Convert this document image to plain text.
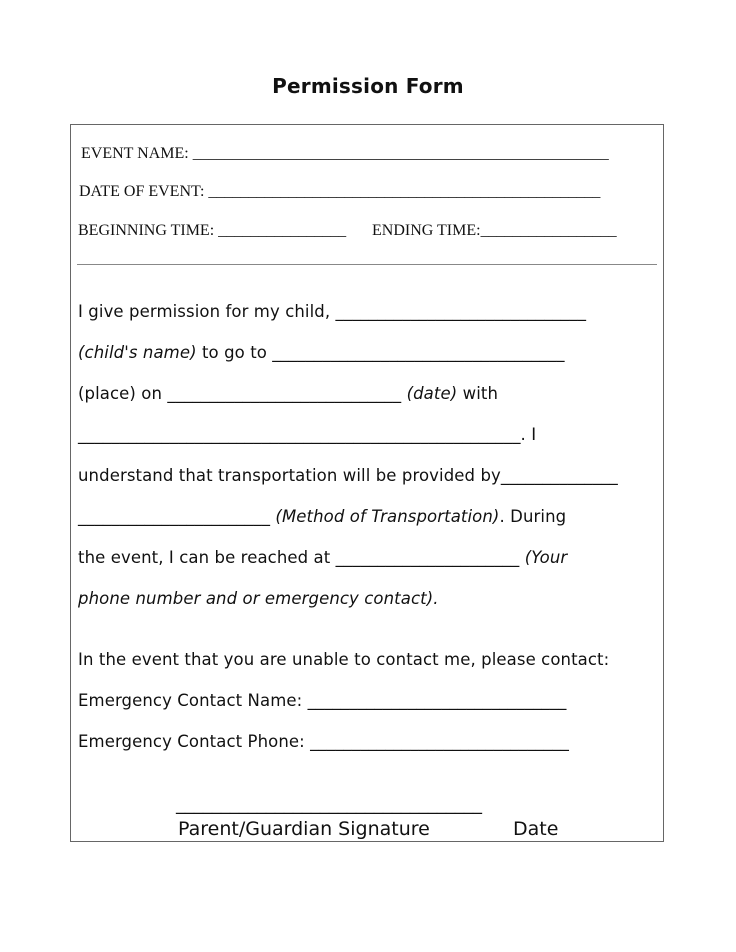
Permission Form
EVENT NAME: ____________________________________________________
DATE OF EVENT: _________________________________________________
BEGINNING TIME: ________________ ENDING TIME:_________________
I give permission for my child, ______________________________
(child's name) to go to ___________________________________
(place) on ____________________________ (date) with
_____________________________________________________. I
understand that transportation will be provided by______________
_______________________ (Method of Transportation). During
the event, I can be reached at ______________________ (Your
phone number and or emergency contact).
In the event that you are unable to contact me, please contact:
Emergency Contact Name: _______________________________
Emergency Contact Phone: _______________________________
__________________________________
Parent/Guardian Signature	Date
